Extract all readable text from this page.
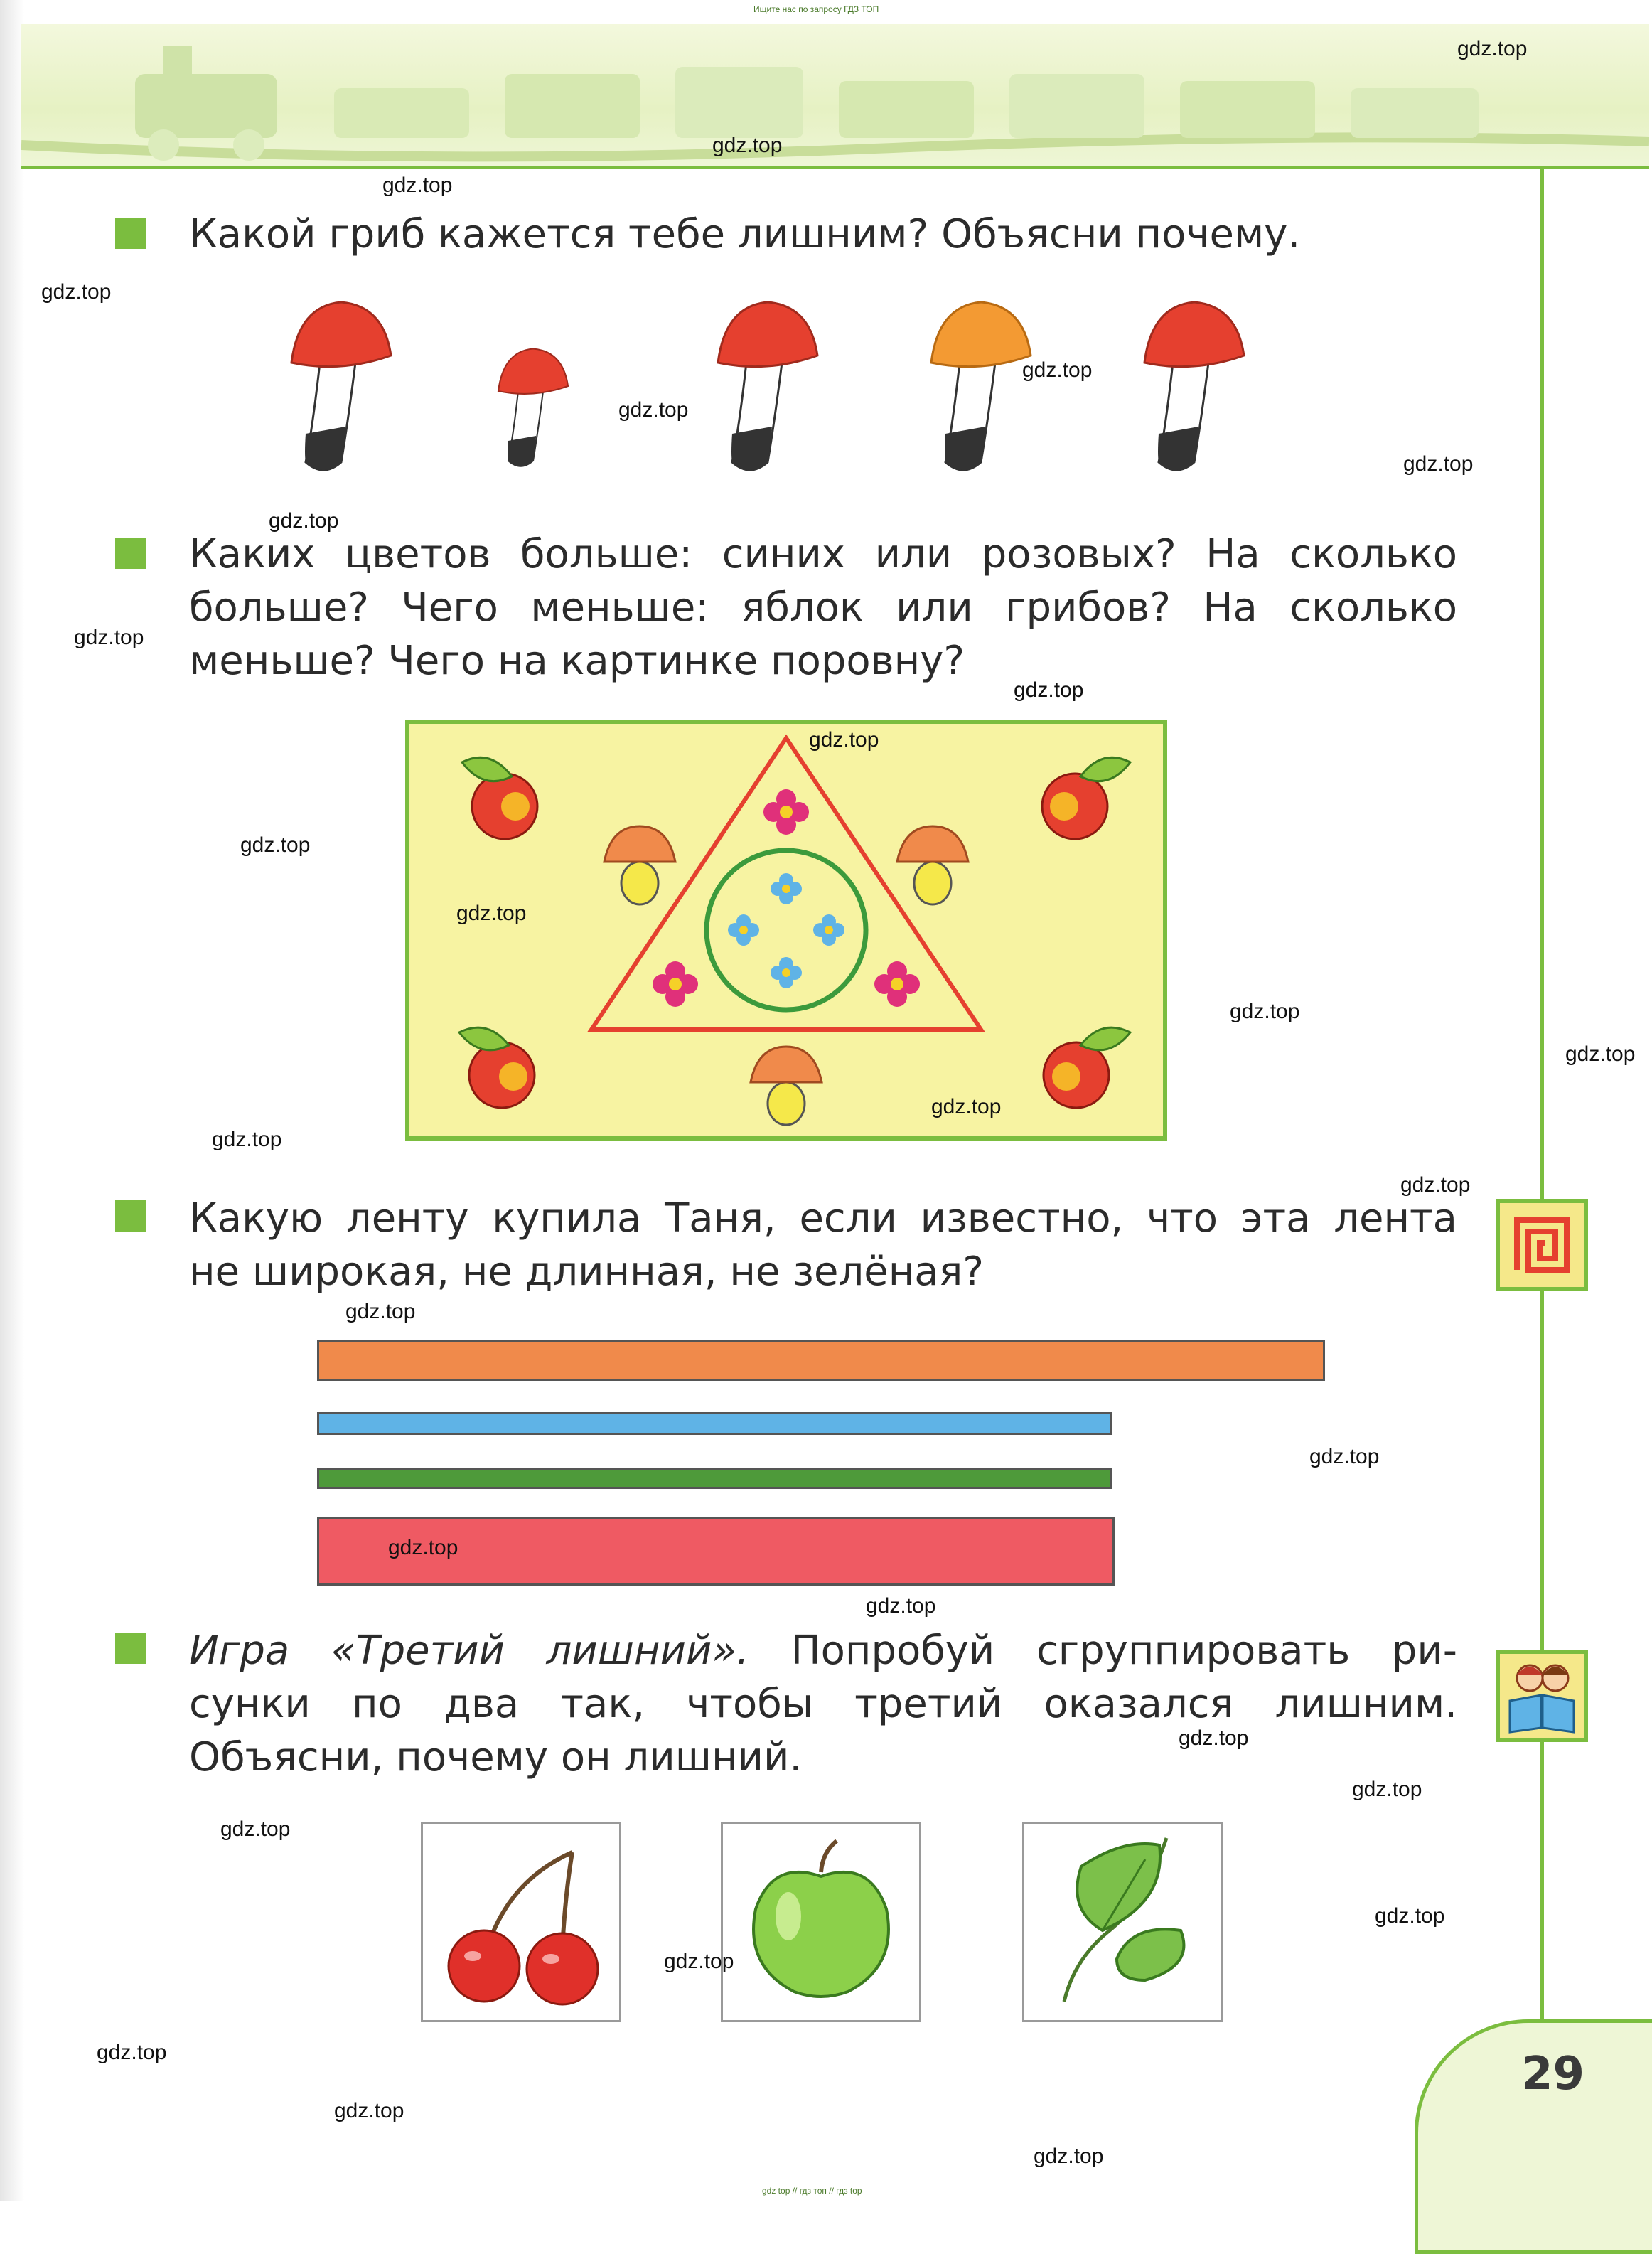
Ищите нас по запросу ГДЗ ТОП
Какой гриб кажется тебе лишним? Объясни почему.
Каких цветов больше: синих или розовых? На сколько
больше? Чего меньше: яблок или грибов? На сколько
меньше? Чего на картинке поровну?
Какую ленту купила Таня, если известно, что эта лента
не широкая, не длинная, не зелёная?
Игра «Третий лишний». Попробуй сгруппировать ри-
сунки по два так, чтобы третий оказался лишним.
Объясни, почему он лишний.
29
gdz.top
gdz.top
gdz.top
gdz.top
gdz.top
gdz.top
gdz.top
gdz.top
gdz.top
gdz.top
gdz.top
gdz.top
gdz.top
gdz.top
gdz.top
gdz.top
gdz.top
gdz.top
gdz.top
gdz.top
gdz.top
gdz.top
gdz.top
gdz.top
gdz.top
gdz.top
gdz.top
gdz.top
gdz.top
gdz.top
gdz top // гдз топ // гдз top
